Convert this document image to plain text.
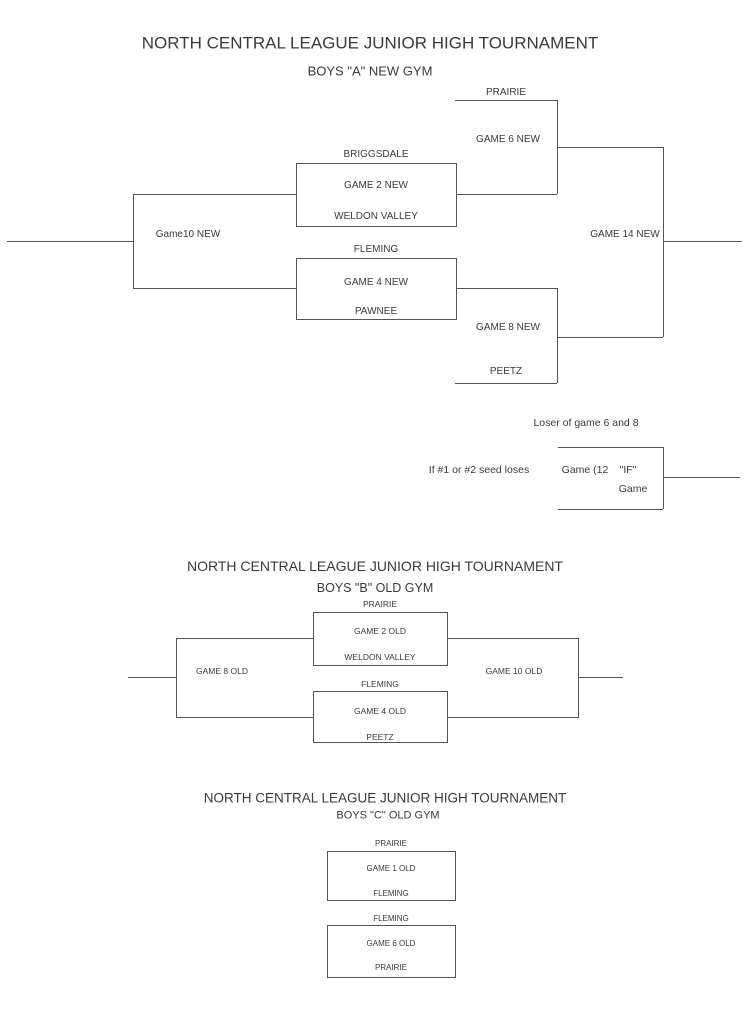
NORTH CENTRAL LEAGUE JUNIOR HIGH TOURNAMENT
BOYS "A" NEW GYM
PRAIRIE
GAME 6 NEW
BRIGGSDALE
GAME 2 NEW
WELDON VALLEY
Game10 NEW
FLEMING
GAME 4 NEW
PAWNEE
GAME 8 NEW
PEETZ
GAME 14 NEW
Loser of game 6 and 8
If #1 or #2 seed loses	Game (12 "IF"
Game
NORTH CENTRAL LEAGUE JUNIOR HIGH TOURNAMENT
BOYS "B" OLD GYM
PRAIRIE
GAME 2 OLD
WELDON VALLEY
FLEMING
GAME 4 OLD
PEETZ
GAME 8 OLD	GAME 10 OLD
NORTH CENTRAL LEAGUE JUNIOR HIGH TOURNAMENT
BOYS "C" OLD GYM
PRAIRIE
GAME 1 OLD
FLEMING
FLEMING
GAME 6 OLD
PRAIRIE
